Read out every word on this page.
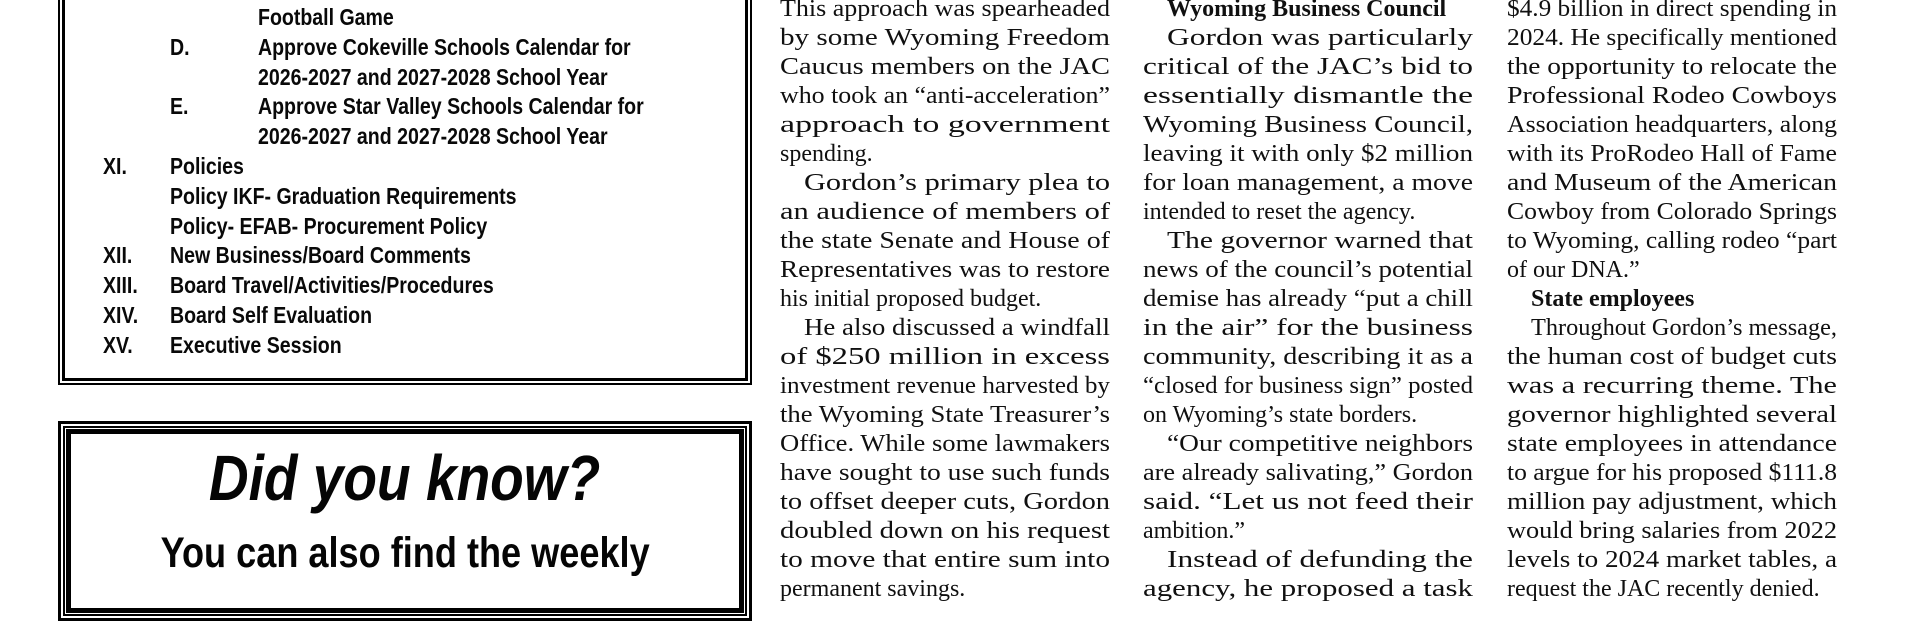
Football Game
D.	Approve Cokeville Schools Calendar for
2026-2027 and 2027-2028 School Year
E.	Approve Star Valley Schools Calendar for
2026-2027 and 2027-2028 School Year
XI. Policies
Policy IKF- Graduation Requirements
Policy- EFAB- Procurement Policy
XII. New Business/Board Comments
XIII. Board Travel/Activities/Procedures
XIV. Board Self Evaluation
XV. Executive Session
Did you know?
You can also find the weekly
This approach was spearheaded
by some Wyoming Freedom
Caucus members on the JAC
who took an “anti-acceleration”
approach to government
spending.
Gordon’s primary plea to
an audience of members of
the state Senate and House of
Representatives was to restore
his initial proposed budget.
He also discussed a windfall
of $250 million in excess
investment revenue harvested by
the Wyoming State Treasurer’s
Office. While some lawmakers
have sought to use such funds
to offset deeper cuts, Gordon
doubled down on his request
to move that entire sum into
permanent savings.
Wyoming Business Council
Gordon was particularly
critical of the JAC’s bid to
essentially dismantle the
Wyoming Business Council,
leaving it with only $2 million
for loan management, a move
intended to reset the agency.
The governor warned that
news of the council’s potential
demise has already “put a chill
in the air” for the business
community, describing it as a
“closed for business sign” posted
on Wyoming’s state borders.
“Our competitive neighbors
are already salivating,” Gordon
said. “Let us not feed their
ambition.”
Instead of defunding the
agency, he proposed a task
$4.9 billion in direct spending in
2024. He specifically mentioned
the opportunity to relocate the
Professional Rodeo Cowboys
Association headquarters, along
with its ProRodeo Hall of Fame
and Museum of the American
Cowboy from Colorado Springs
to Wyoming, calling rodeo “part
of our DNA.”
State employees
Throughout Gordon’s message,
the human cost of budget cuts
was a recurring theme. The
governor highlighted several
state employees in attendance
to argue for his proposed $111.8
million pay adjustment, which
would bring salaries from 2022
levels to 2024 market tables, a
request the JAC recently denied.
